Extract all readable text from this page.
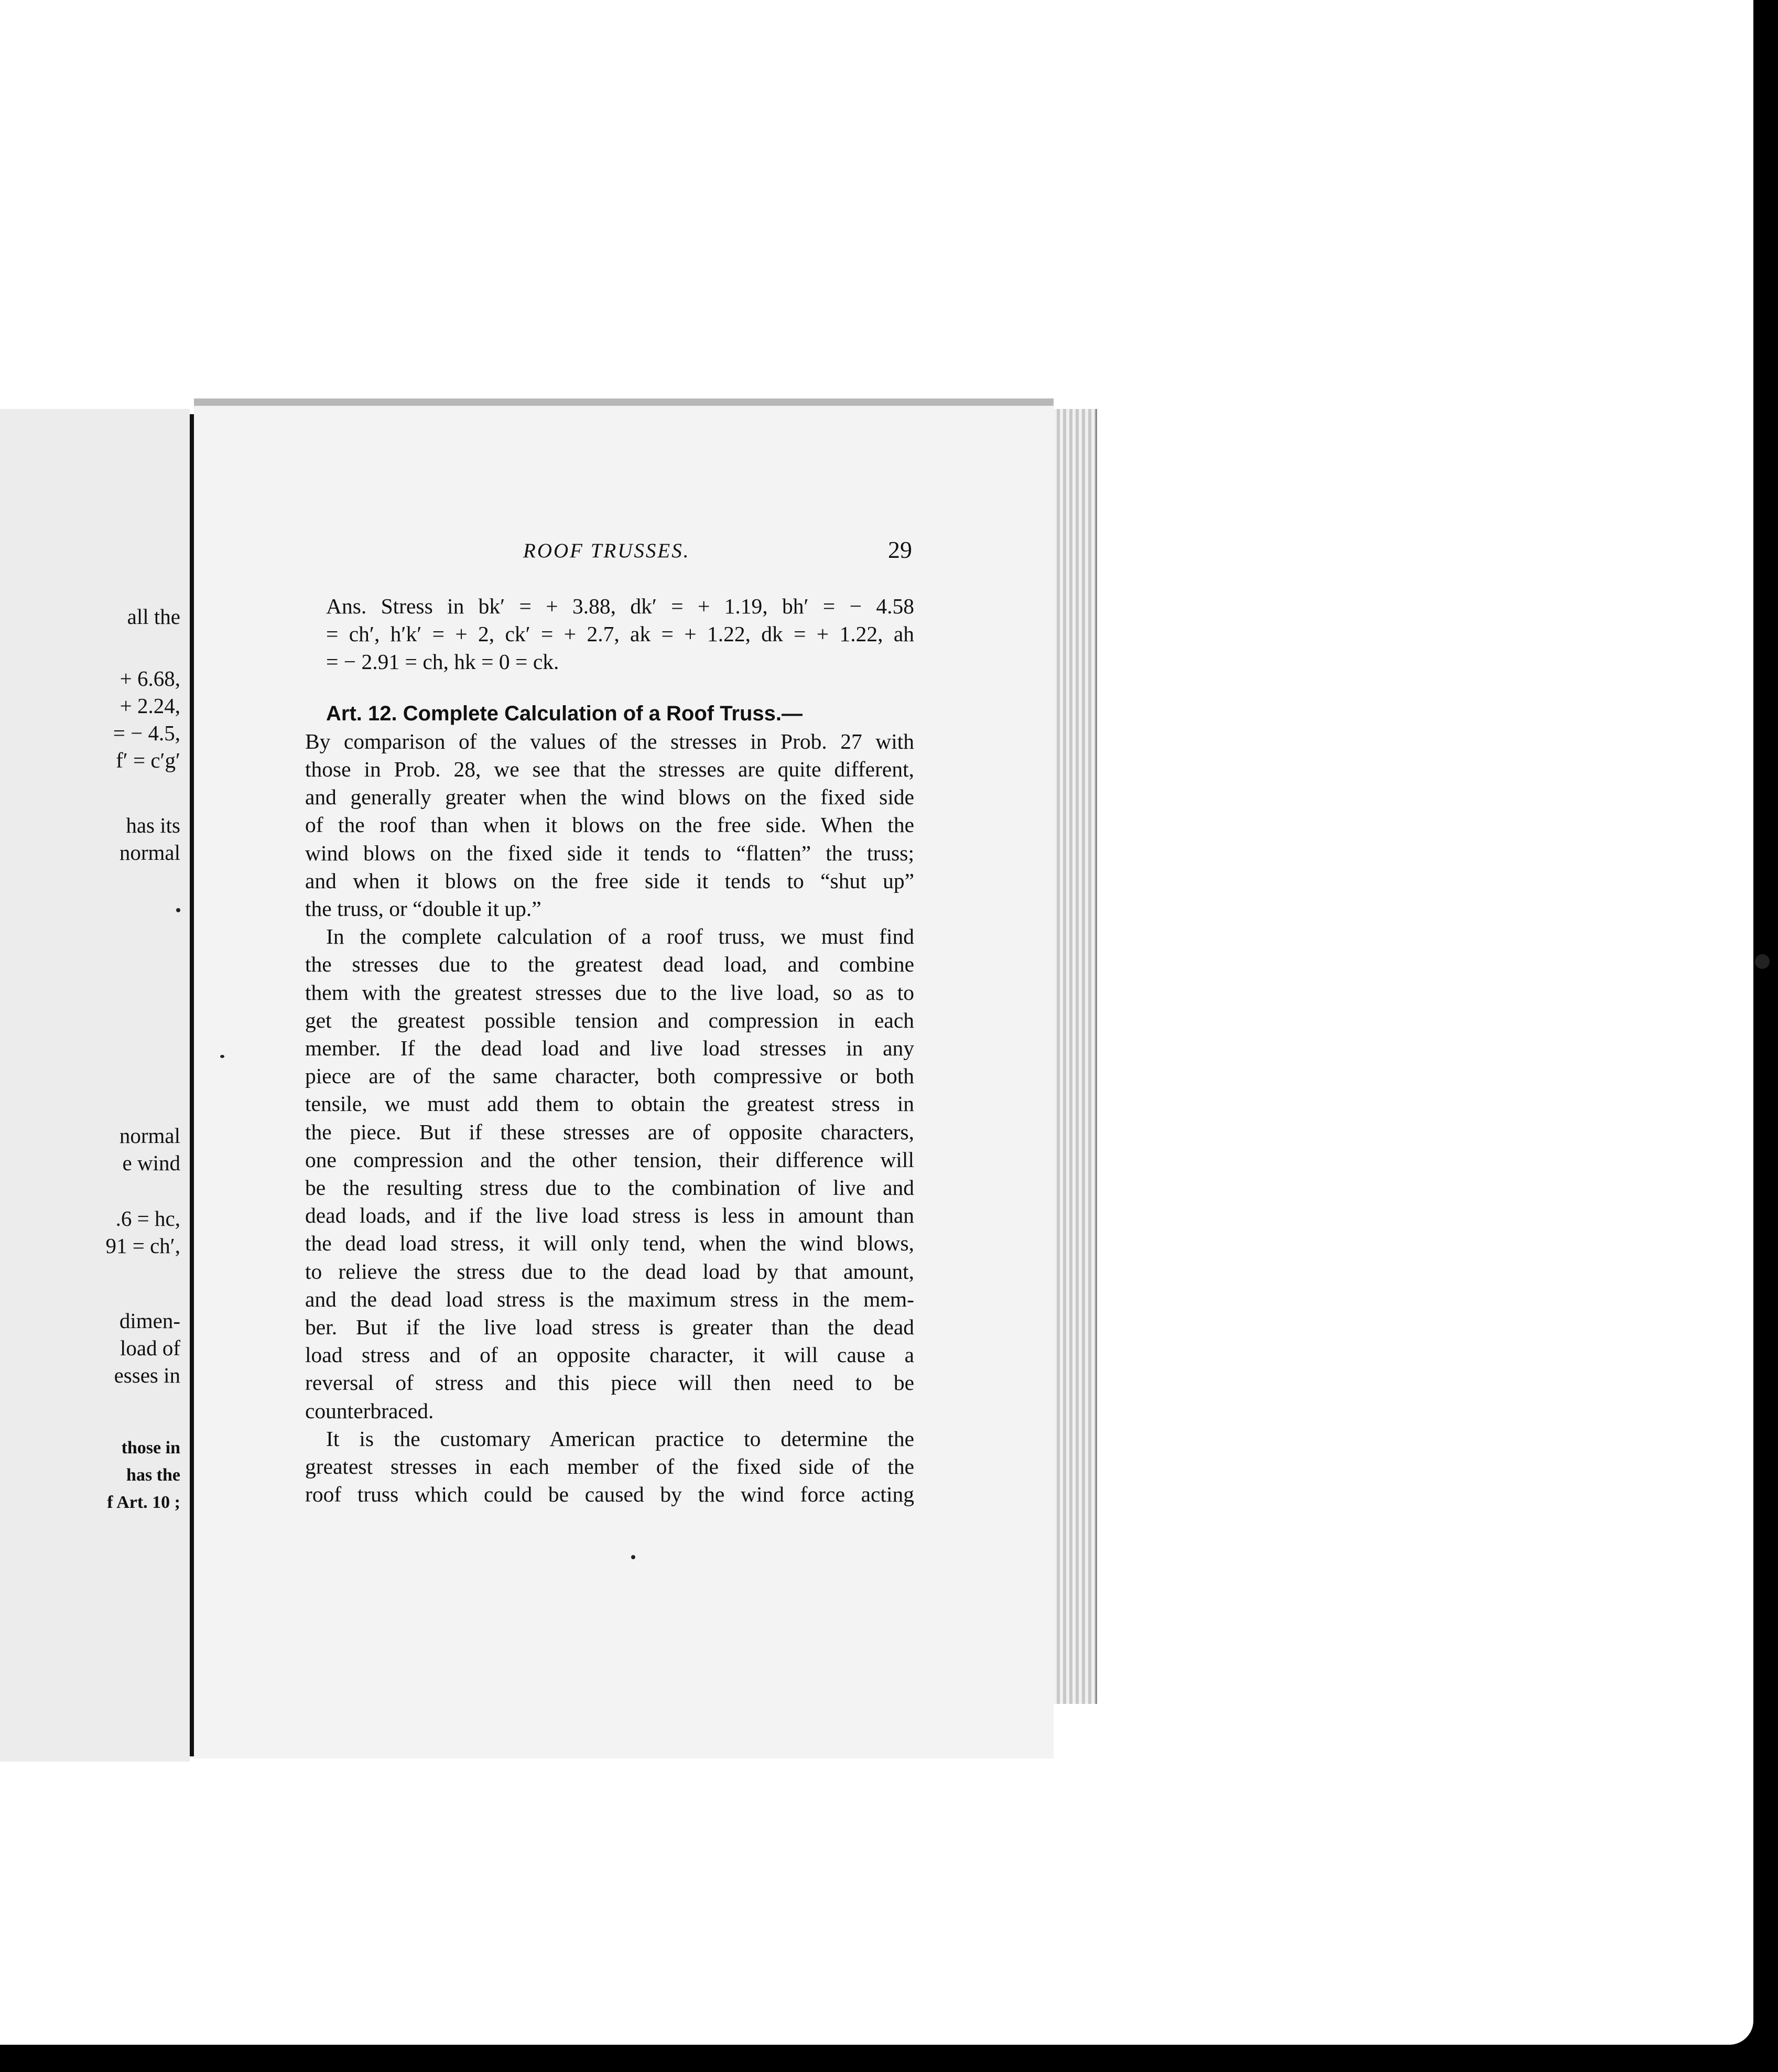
all the
+ 6.68,
+ 2.24,
= − 4.5,
f′ = c′g′
has its
normal
normal
e wind
.6 = hc,
91 = ch′,
dimen-
load of
esses in
those in
has the
f Art. 10 ;
ROOF TRUSSES.	29

Ans. Stress in bk′ = + 3.88, dk′ = + 1.19, bh′ = − 4.58
= ch′, h′k′ = + 2, ck′ = + 2.7, ak = + 1.22, dk = + 1.22, ah
= − 2.91 = ch, hk = 0 = ck.

Art. 12. Complete Calculation of a Roof Truss.—

By comparison of the values of the stresses in Prob. 27 with
those in Prob. 28, we see that the stresses are quite different,
and generally greater when the wind blows on the fixed side
of the roof than when it blows on the free side. When the
wind blows on the fixed side it tends to “flatten” the truss;
and when it blows on the free side it tends to “shut up”
the truss, or “double it up.”

In the complete calculation of a roof truss, we must find
the stresses due to the greatest dead load, and combine
them with the greatest stresses due to the live load, so as to
get the greatest possible tension and compression in each
member. If the dead load and live load stresses in any
piece are of the same character, both compressive or both
tensile, we must add them to obtain the greatest stress in
the piece. But if these stresses are of opposite characters,
one compression and the other tension, their difference will
be the resulting stress due to the combination of live and
dead loads, and if the live load stress is less in amount than
the dead load stress, it will only tend, when the wind blows,
to relieve the stress due to the dead load by that amount,
and the dead load stress is the maximum stress in the mem-
ber. But if the live load stress is greater than the dead
load stress and of an opposite character, it will cause a
reversal of stress and this piece will then need to be
counterbraced.

It is the customary American practice to determine the
greatest stresses in each member of the fixed side of the
roof truss which could be caused by the wind force acting
